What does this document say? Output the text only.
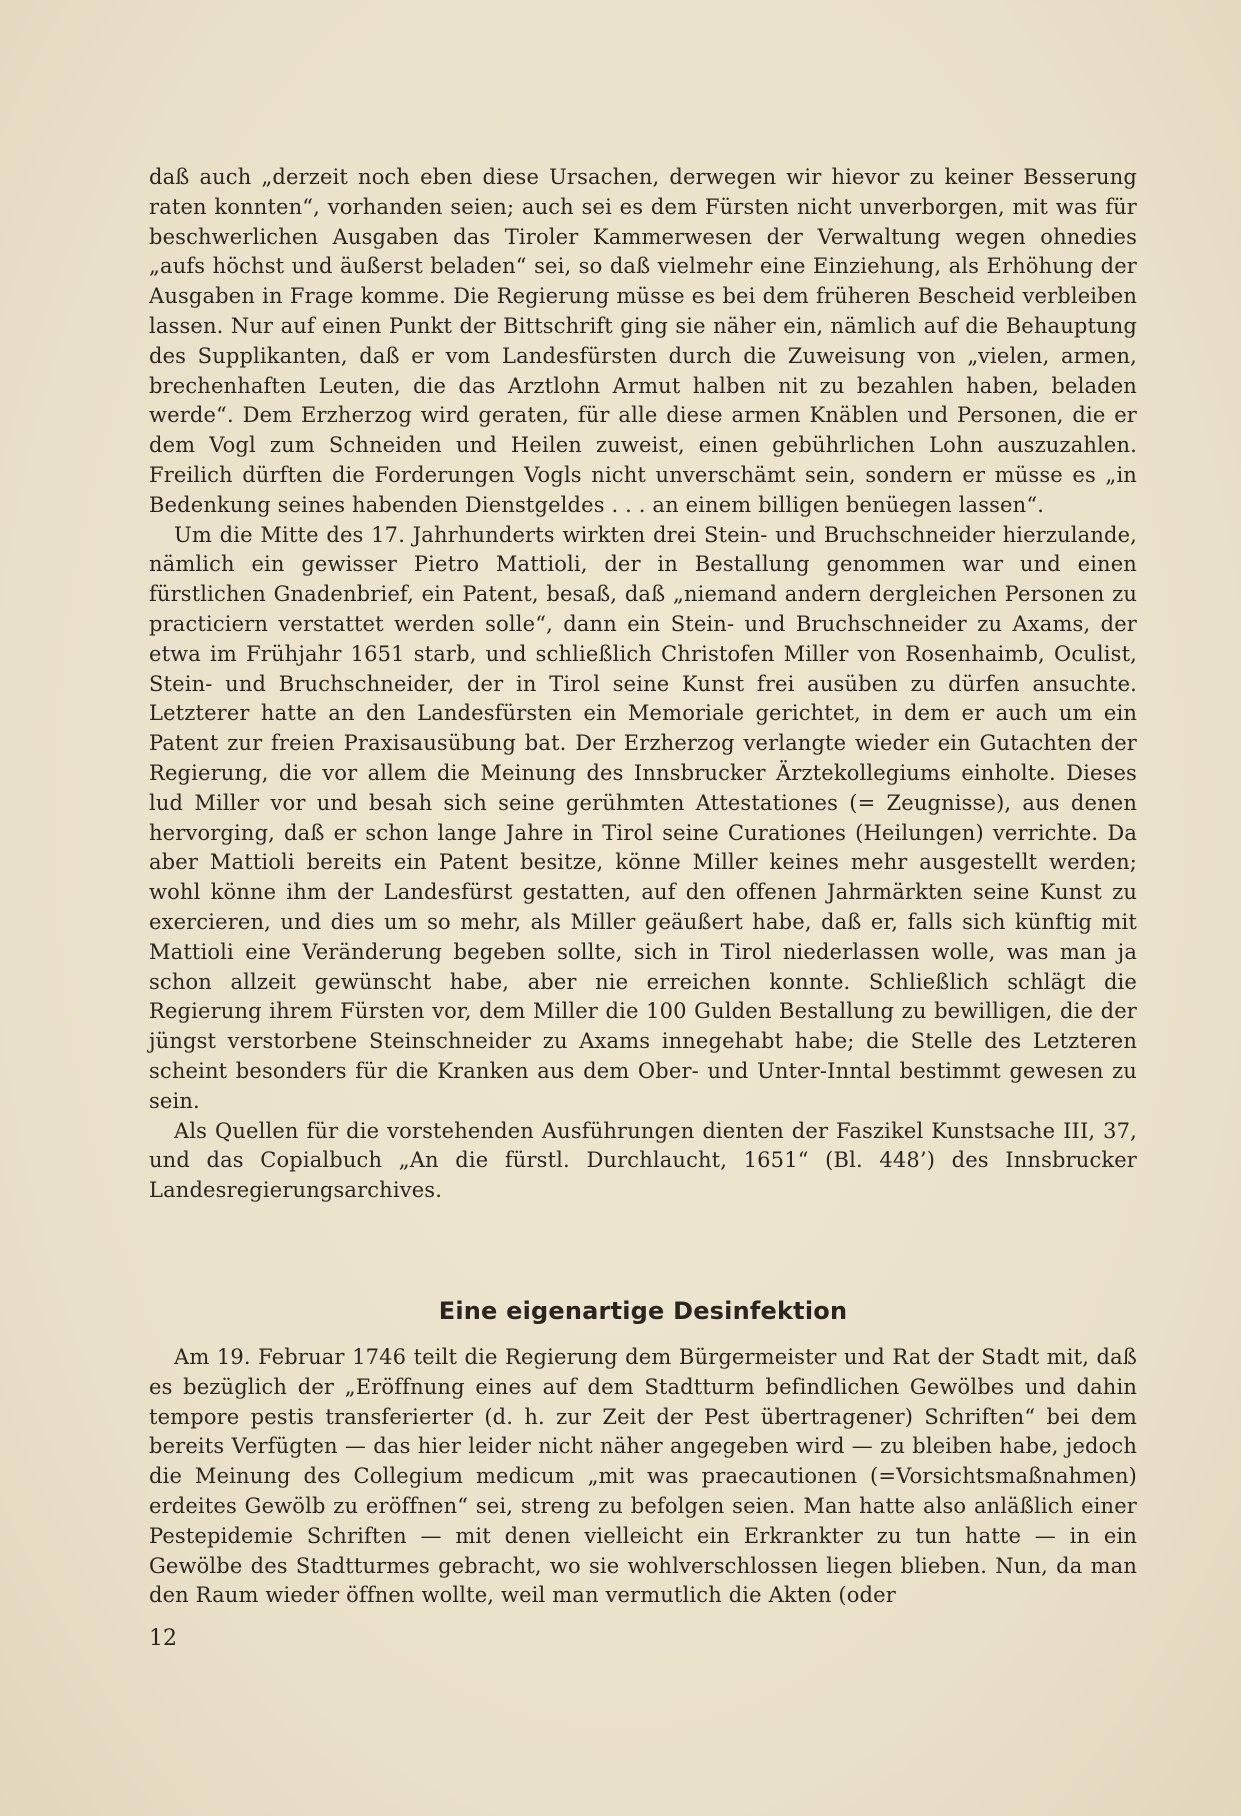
daß auch „derzeit noch eben diese Ursachen, derwegen wir hievor zu keiner Besserung raten konnten“, vorhanden seien; auch sei es dem Fürsten nicht unverborgen, mit was für beschwerlichen Ausgaben das Tiroler Kammerwesen der Verwaltung wegen ohnedies „aufs höchst und äußerst beladen“ sei, so daß vielmehr eine Einziehung, als Erhöhung der Ausgaben in Frage komme. Die Regierung müsse es bei dem früheren Bescheid verbleiben lassen. Nur auf einen Punkt der Bittschrift ging sie näher ein, nämlich auf die Behauptung des Supplikanten, daß er vom Landesfürsten durch die Zuweisung von „vielen, armen, brechenhaften Leuten, die das Arztlohn Armut halben nit zu bezahlen haben, beladen werde“. Dem Erzherzog wird geraten, für alle diese armen Knäblen und Personen, die er dem Vogl zum Schneiden und Heilen zuweist, einen gebührlichen Lohn auszuzahlen. Freilich dürften die Forderungen Vogls nicht unverschämt sein, sondern er müsse es „in Bedenkung seines habenden Dienstgeldes . . . an einem billigen benüegen lassen“.

Um die Mitte des 17. Jahrhunderts wirkten drei Stein- und Bruchschneider hierzulande, nämlich ein gewisser Pietro Mattioli, der in Bestallung genommen war und einen fürstlichen Gnadenbrief, ein Patent, besaß, daß „niemand andern dergleichen Personen zu practiciern verstattet werden solle“, dann ein Stein- und Bruchschneider zu Axams, der etwa im Frühjahr 1651 starb, und schließlich Christofen Miller von Rosenhaimb, Oculist, Stein- und Bruchschneider, der in Tirol seine Kunst frei ausüben zu dürfen ansuchte. Letzterer hatte an den Landesfürsten ein Memoriale gerichtet, in dem er auch um ein Patent zur freien Praxisausübung bat. Der Erzherzog verlangte wieder ein Gutachten der Regierung, die vor allem die Meinung des Innsbrucker Ärztekollegiums einholte. Dieses lud Miller vor und besah sich seine gerühmten Attestationes (= Zeugnisse), aus denen hervorging, daß er schon lange Jahre in Tirol seine Curationes (Heilungen) verrichte. Da aber Mattioli bereits ein Patent besitze, könne Miller keines mehr ausgestellt werden; wohl könne ihm der Landesfürst gestatten, auf den offenen Jahrmärkten seine Kunst zu exercieren, und dies um so mehr, als Miller geäußert habe, daß er, falls sich künftig mit Mattioli eine Veränderung begeben sollte, sich in Tirol niederlassen wolle, was man ja schon allzeit gewünscht habe, aber nie erreichen konnte. Schließlich schlägt die Regierung ihrem Fürsten vor, dem Miller die 100 Gulden Bestallung zu bewilligen, die der jüngst verstorbene Steinschneider zu Axams innegehabt habe; die Stelle des Letzteren scheint besonders für die Kranken aus dem Ober- und Unter-Inntal bestimmt gewesen zu sein.

Als Quellen für die vorstehenden Ausführungen dienten der Faszikel Kunstsache III, 37, und das Copialbuch „An die fürstl. Durchlaucht, 1651“ (Bl. 448’) des Innsbrucker Landesregierungsarchives.

Eine eigenartige Desinfektion

Am 19. Februar 1746 teilt die Regierung dem Bürgermeister und Rat der Stadt mit, daß es bezüglich der „Eröffnung eines auf dem Stadtturm befindlichen Gewölbes und dahin tempore pestis transferierter (d. h. zur Zeit der Pest übertragener) Schriften“ bei dem bereits Verfügten — das hier leider nicht näher angegeben wird — zu bleiben habe, jedoch die Meinung des Collegium medicum „mit was praecautionen (=Vorsichtsmaßnahmen) erdeites Gewölb zu eröffnen“ sei, streng zu befolgen seien. Man hatte also anläßlich einer Pestepidemie Schriften — mit denen vielleicht ein Erkrankter zu tun hatte — in ein Gewölbe des Stadtturmes gebracht, wo sie wohlverschlossen liegen blieben. Nun, da man den Raum wieder öffnen wollte, weil man vermutlich die Akten (oder

12
